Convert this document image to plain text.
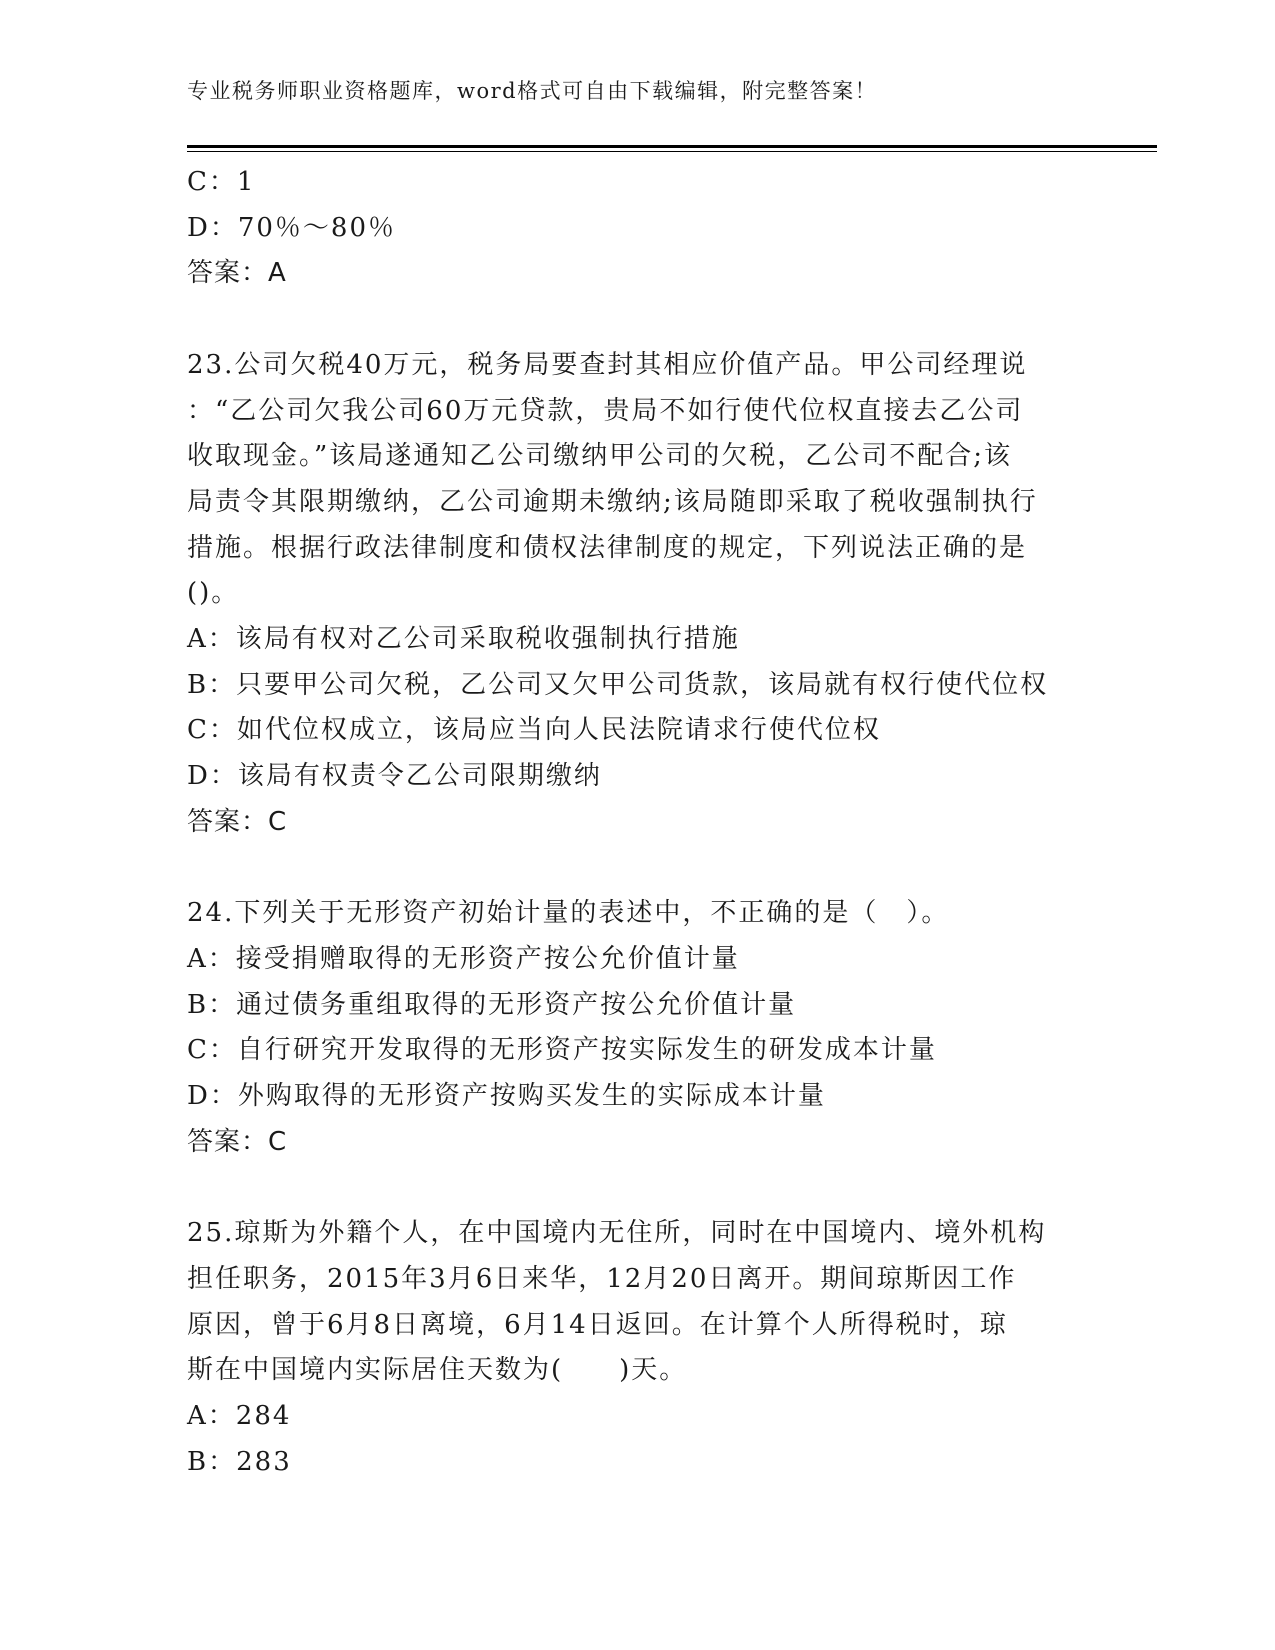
专业税务师职业资格题库，word格式可自由下载编辑，附完整答案！
C：1
D：70％～80％
答案：A
23.公司欠税40万元，税务局要查封其相应价值产品。甲公司经理说
：“乙公司欠我公司60万元贷款，贵局不如行使代位权直接去乙公司
收取现金。”该局遂通知乙公司缴纳甲公司的欠税，乙公司不配合;该
局责令其限期缴纳，乙公司逾期未缴纳;该局随即采取了税收强制执行
措施。根据行政法律制度和债权法律制度的规定，下列说法正确的是
()。
A：该局有权对乙公司采取税收强制执行措施
B：只要甲公司欠税，乙公司又欠甲公司货款，该局就有权行使代位权
C：如代位权成立，该局应当向人民法院请求行使代位权
D：该局有权责令乙公司限期缴纳
答案：C
24.下列关于无形资产初始计量的表述中，不正确的是（　）。
A：接受捐赠取得的无形资产按公允价值计量
B：通过债务重组取得的无形资产按公允价值计量
C：自行研究开发取得的无形资产按实际发生的研发成本计量
D：外购取得的无形资产按购买发生的实际成本计量
答案：C
25.琼斯为外籍个人，在中国境内无住所，同时在中国境内、境外机构
担任职务，2015年3月6日来华，12月20日离开。期间琼斯因工作
原因，曾于6月8日离境，6月14日返回。在计算个人所得税时，琼
斯在中国境内实际居住天数为(　　)天。
A：284
B：283
